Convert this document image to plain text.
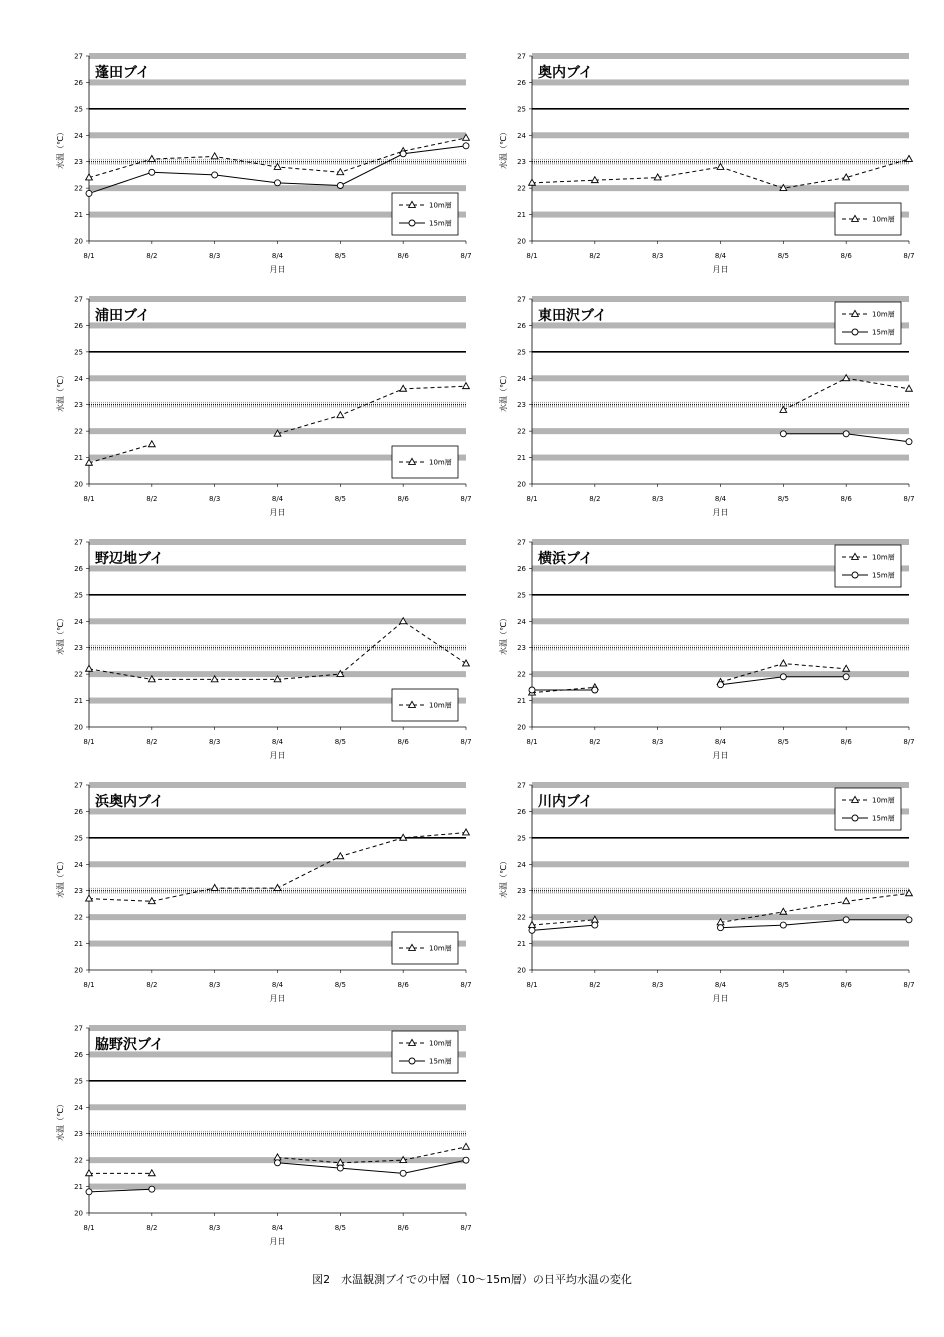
20
21
22
23
24
25
26
27
8/1	8/2	8/3	8/4	8/5	8/6	8/7
月日
水温（℃）
蓬田ブイ
10m層
15m層
20
21
22
23
24
25
26
27
8/1	8/2	8/3	8/4	8/5	8/6	8/7
月日
水温（℃）
奥内ブイ
10m層
20
21
22
23
24
25
26
27
8/1	8/2	8/3	8/4	8/5	8/6	8/7
月日
水温（℃）
浦田ブイ
10m層
20
21
22
23
24
25
26
27
8/1	8/2	8/3	8/4	8/5	8/6	8/7
月日
水温（℃）
東田沢ブイ	10m層
15m層
20
21
22
23
24
25
26
27
8/1	8/2	8/3	8/4	8/5	8/6	8/7
月日
水温（℃）
野辺地ブイ
10m層
20
21
22
23
24
25
26
27
8/1	8/2	8/3	8/4	8/5	8/6	8/7
月日
水温（℃）
横浜ブイ	10m層
15m層
20
21
22
23
24
25
26
27
8/1	8/2	8/3	8/4	8/5	8/6	8/7
月日
水温（℃）
浜奥内ブイ
10m層
20
21
22
23
24
25
26
27
8/1	8/2	8/3	8/4	8/5	8/6	8/7
月日
水温（℃）
川内ブイ	10m層
15m層
20
21
22
23
24
25
26
27
8/1	8/2	8/3	8/4	8/5	8/6	8/7
月日
水温（℃）
脇野沢ブイ	10m層
15m層
図2　水温観測ブイでの中層（10～15m層）の日平均水温の変化
